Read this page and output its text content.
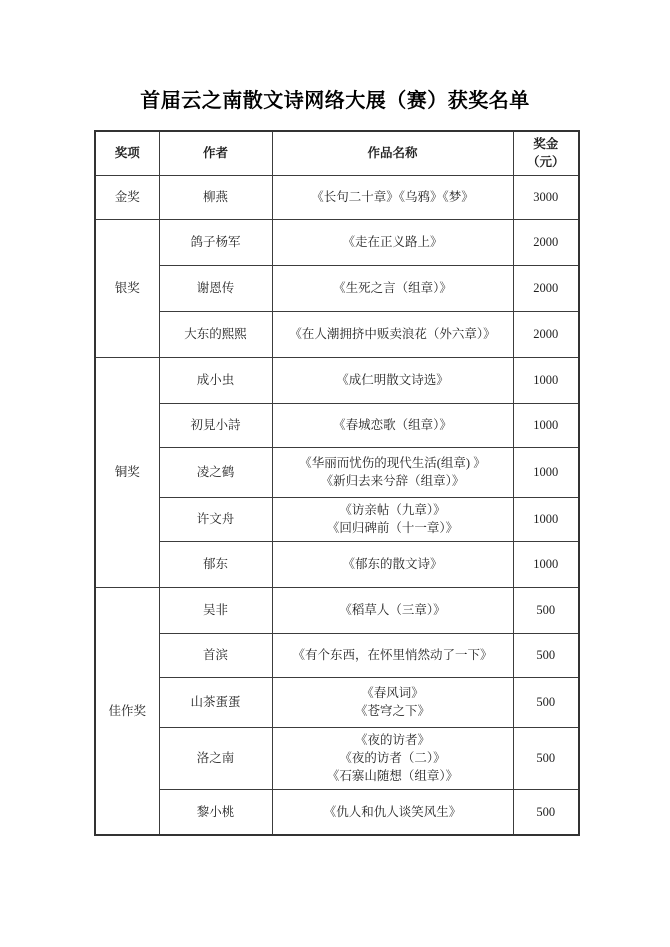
首届云之南散文诗网络大展（赛）获奖名单
奖项	作者	作品名称	奖金
（元）

金奖	柳燕	《长句二十章》《乌鸦》《梦》	3000
银奖	鸽子杨军	《走在正义路上》	2000
	谢恩传	《生死之言（组章）》	2000
	大东的熙熙	《在人潮拥挤中贩卖浪花（外六章）》	2000
铜奖	成小虫	《成仁明散文诗选》	1000
	初見小詩	《春城恋歌（组章）》	1000
	凌之鹤	《华丽而忧伤的现代生活(组章) 》
《新归去来兮辞（组章）》	1000
	许文舟	《访亲帖（九章）》
《回归碑前（十一章）》	1000
	郁东	《郁东的散文诗》	1000
佳作奖	吴非	《稻草人（三章）》	500
	首滨	《有个东西，在怀里悄然动了一下》	500
	山茶蛋蛋	《春风词》
《苍穹之下》	500
	洛之南	《夜的访者》
《夜的访者（二）》
《石寨山随想（组章）》	500
	黎小桃	《仇人和仇人谈笑风生》	500
